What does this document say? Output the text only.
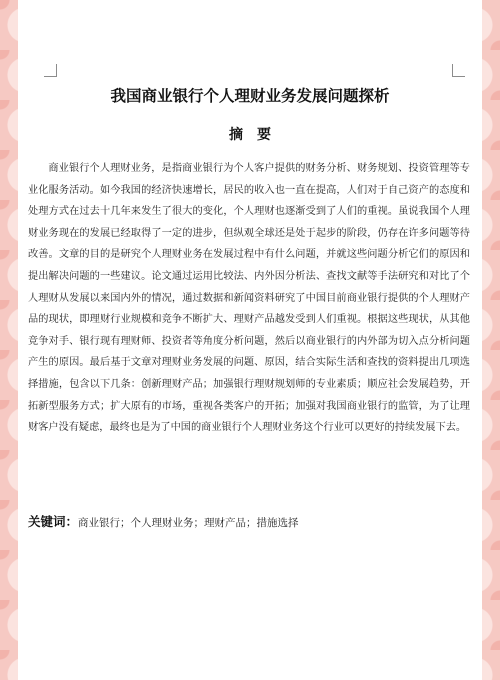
我国商业银行个人理财业务发展问题探析
摘要

商业银行个人理财业务，是指商业银行为个人客户提供的财务分析、财务规划、投资管理等专业化服务活动。如今我国的经济快速增长，居民的收入也一直在提高，人们对于自己资产的态度和处理方式在过去十几年来发生了很大的变化，个人理财也逐渐受到了人们的重视。虽说我国个人理财业务现在的发展已经取得了一定的进步，但纵观全球还是处于起步的阶段，仍存在许多问题等待改善。文章的目的是研究个人理财业务在发展过程中有什么问题，并就这些问题分析它们的原因和提出解决问题的一些建议。论文通过运用比较法、内外因分析法、查找文献等手法研究和对比了个人理财从发展以来国内外的情况，通过数据和新闻资料研究了中国目前商业银行提供的个人理财产品的现状，即理财行业规模和竞争不断扩大、理财产品越发受到人们重视。根据这些现状，从其他竞争对手、银行现有理财师、投资者等角度分析问题，然后以商业银行的内外部为切入点分析问题产生的原因。最后基于文章对理财业务发展的问题、原因，结合实际生活和查找的资料提出几项选择措施，包含以下几条：创新理财产品；加强银行理财规划师的专业素质；顺应社会发展趋势，开拓新型服务方式；扩大原有的市场，重视各类客户的开拓；加强对我国商业银行的监管，为了让理财客户没有疑虑，最终也是为了中国的商业银行个人理财业务这个行业可以更好的持续发展下去。

关键词：商业银行；个人理财业务；理财产品；措施选择
